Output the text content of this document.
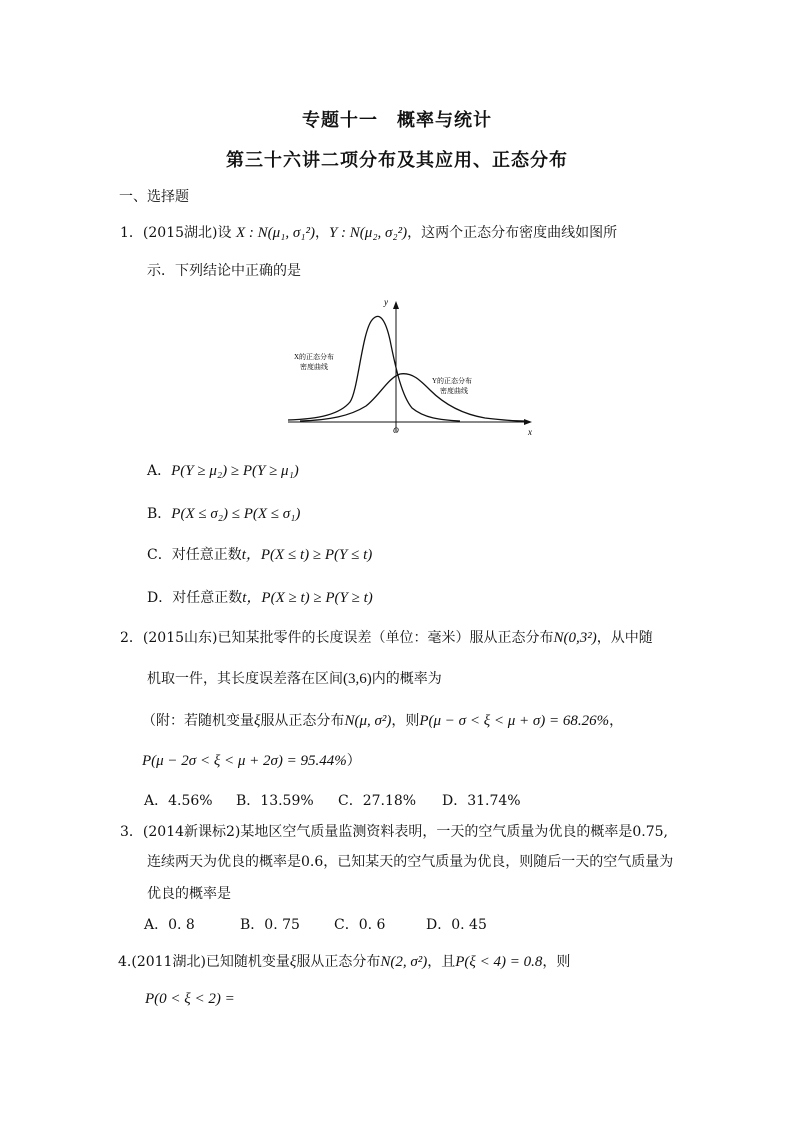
专题十一　概率与统计
第三十六讲二项分布及其应用、正态分布
一、选择题
1．(2015湖北)设 X : N(μ₁, σ₁²)，Y : N(μ₂, σ₂²)，这两个正态分布密度曲线如图所
示．下列结论中正确的是
y
x
O
X的正态分布
密度曲线
Y的正态分布
密度曲线
A．P(Y ≥ μ₂) ≥ P(Y ≥ μ₁)
B．P(X ≤ σ₂) ≤ P(X ≤ σ₁)
C．对任意正数t，P(X ≤ t) ≥ P(Y ≤ t)
D．对任意正数t，P(X ≥ t) ≥ P(Y ≥ t)
2．(2015山东)已知某批零件的长度误差（单位：毫米）服从正态分布N(0,3²)，从中随
机取一件，其长度误差落在区间(3,6)内的概率为
（附：若随机变量ξ服从正态分布N(μ, σ²)，则P(μ − σ < ξ < μ + σ) = 68.26%，
P(μ − 2σ < ξ < μ + 2σ) = 95.44%）
A．4.56% B．13.59% C．27.18% D．31.74%
3．(2014新课标2)某地区空气质量监测资料表明，一天的空气质量为优良的概率是0.75,
连续两天为优良的概率是0.6，已知某天的空气质量为优良，则随后一天的空气质量为
优良的概率是
A．0. 8	B．0. 75 C．0. 6	D．0. 45
4.(2011湖北)已知随机变量ξ服从正态分布N(2, σ²)，且P(ξ < 4) = 0.8，则
P(0 < ξ < 2) =
